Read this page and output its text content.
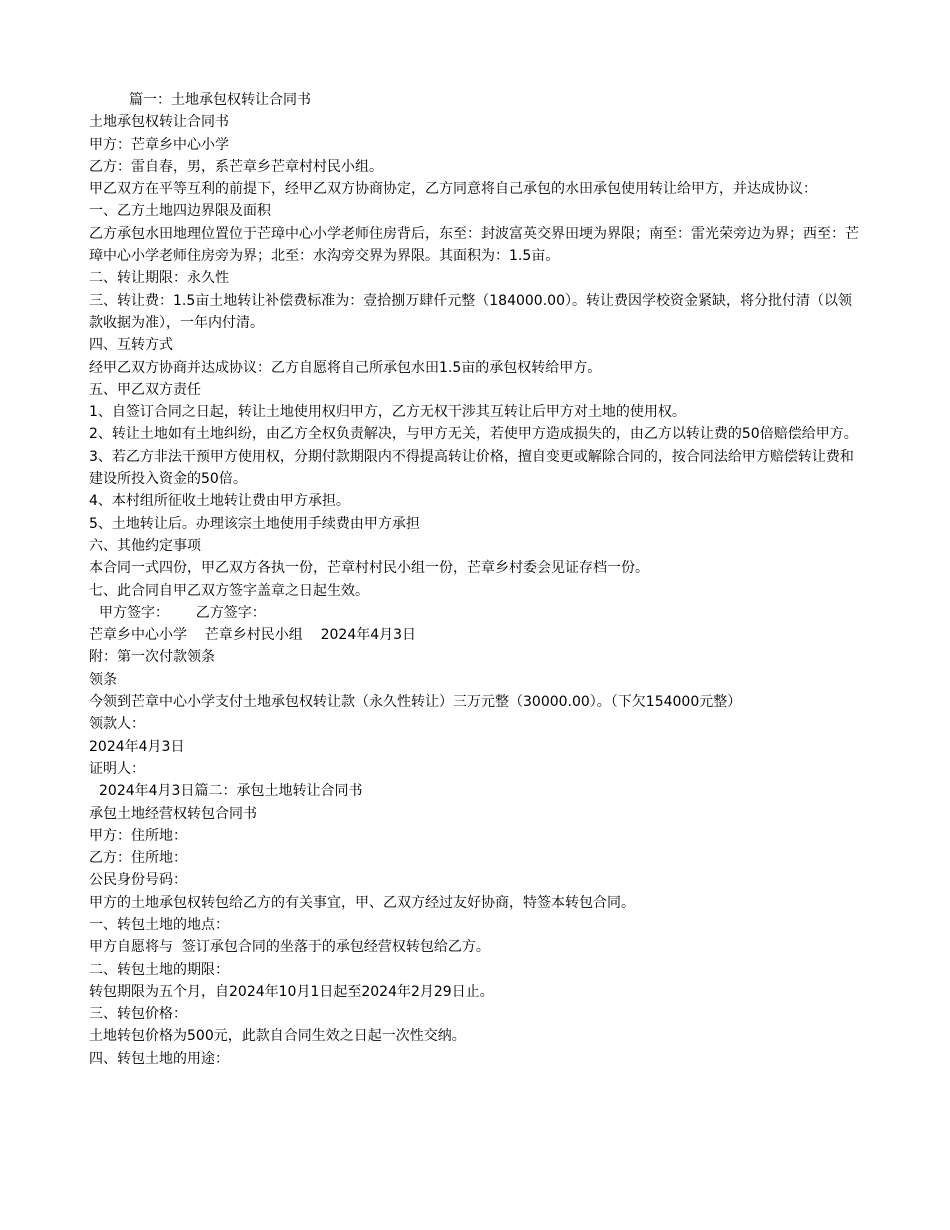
篇一：土地承包权转让合同书

土地承包权转让合同书

甲方：芒章乡中心小学

乙方：雷自春，男，系芒章乡芒章村村民小组。

甲乙双方在平等互利的前提下，经甲乙双方协商协定，乙方同意将自己承包的水田承包使用转让给甲方，并达成协议：

一、乙方土地四边界限及面积

乙方承包水田地理位置位于芒璋中心小学老师住房背后，东至：封波富英交界田埂为界限；南至：雷光荣旁边为界；西至：芒璋中心小学老师住房旁为界；北至：水沟旁交界为界限。其面积为：1.5亩。

二、转让期限：永久性

三、转让费：1.5亩土地转让补偿费标准为：壹拾捌万肆仟元整（184000.00）。转让费因学校资金紧缺，将分批付清（以领款收据为准），一年内付清。

四、互转方式

经甲乙双方协商并达成协议：乙方自愿将自己所承包水田1.5亩的承包权转给甲方。

五、甲乙双方责任

1、自签订合同之日起，转让土地使用权归甲方，乙方无权干涉其互转让后甲方对土地的使用权。

2、转让土地如有土地纠纷，由乙方全权负责解决，与甲方无关，若使甲方造成损失的，由乙方以转让费的50倍赔偿给甲方。

3、若乙方非法干预甲方使用权，分期付款期限内不得提高转让价格，擅自变更或解除合同的，按合同法给甲方赔偿转让费和建设所投入资金的50倍。

4、本村组所征收土地转让费由甲方承担。

5、土地转让后。办理该宗土地使用手续费由甲方承担

六、其他约定事项

本合同一式四份，甲乙双方各执一份，芒章村村民小组一份，芒章乡村委会见证存档一份。

七、此合同自甲乙双方签字盖章之日起生效。

甲方签字：      乙方签字：

芒章乡中心小学    芒章乡村民小组    2024年4月3日

附：第一次付款领条

领条

今领到芒章中心小学支付土地承包权转让款（永久性转让）三万元整（30000.00）。（下欠154000元整）

领款人：

2024年4月3日

证明人：

2024年4月3日篇二：承包土地转让合同书

承包土地经营权转包合同书

甲方：住所地：

乙方：住所地：

公民身份号码：

甲方的土地承包权转包给乙方的有关事宜，甲、乙双方经过友好协商，特签本转包合同。

一、转包土地的地点：

甲方自愿将与  签订承包合同的坐落于的承包经营权转包给乙方。

二、转包土地的期限：

转包期限为五个月，自2024年10月1日起至2024年2月29日止。

三、转包价格：

土地转包价格为500元，此款自合同生效之日起一次性交纳。

四、转包土地的用途：
